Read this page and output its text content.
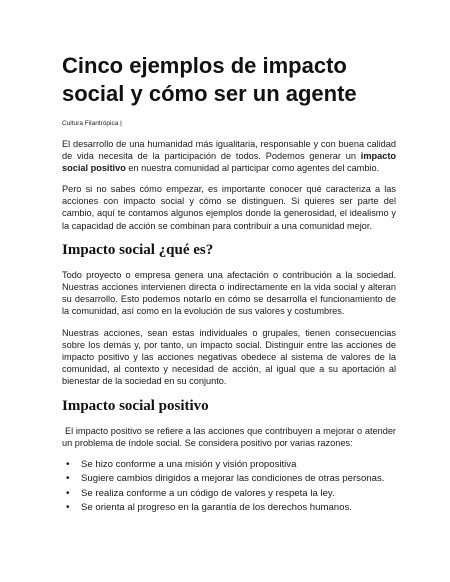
Cinco ejemplos de impacto social y cómo ser un agente
Cultura Filantrópica |

El desarrollo de una humanidad más igualitaria, responsable y con buena calidad de vida necesita de la participación de todos. Podemos generar un impacto social positivo en nuestra comunidad al participar como agentes del cambio.

Pero si no sabes cómo empezar, es importante conocer qué caracteriza a las acciones con impacto social y cómo se distinguen. Si quieres ser parte del cambio, aquí te contamos algunos ejemplos donde la generosidad, el idealismo y la capacidad de acción se combinan para contribuir a una comunidad mejor.

Impacto social ¿qué es?

Todo proyecto o empresa genera una afectación o contribución a la sociedad. Nuestras acciones intervienen directa o indirectamente en la vida social y alteran su desarrollo. Esto podemos notarlo en cómo se desarrolla el funcionamiento de la comunidad, así como en la evolución de sus valores y costumbres.

Nuestras acciones, sean estas individuales o grupales, tienen consecuencias sobre los demás y, por tanto, un impacto social. Distinguir entre las acciones de impacto positivo y las acciones negativas obedece al sistema de valores de la comunidad, al contexto y necesidad de acción, al igual que a su aportación al bienestar de la sociedad en su conjunto.

Impacto social positivo

El impacto positivo se refiere a las acciones que contribuyen a mejorar o atender un problema de índole social. Se considera positivo por varias razones:

• Se hizo conforme a una misión y visión propositiva
• Sugiere cambios dirigidos a mejorar las condiciones de otras personas.
• Se realiza conforme a un código de valores y respeta la ley.
• Se orienta al progreso en la garantía de los derechos humanos.
